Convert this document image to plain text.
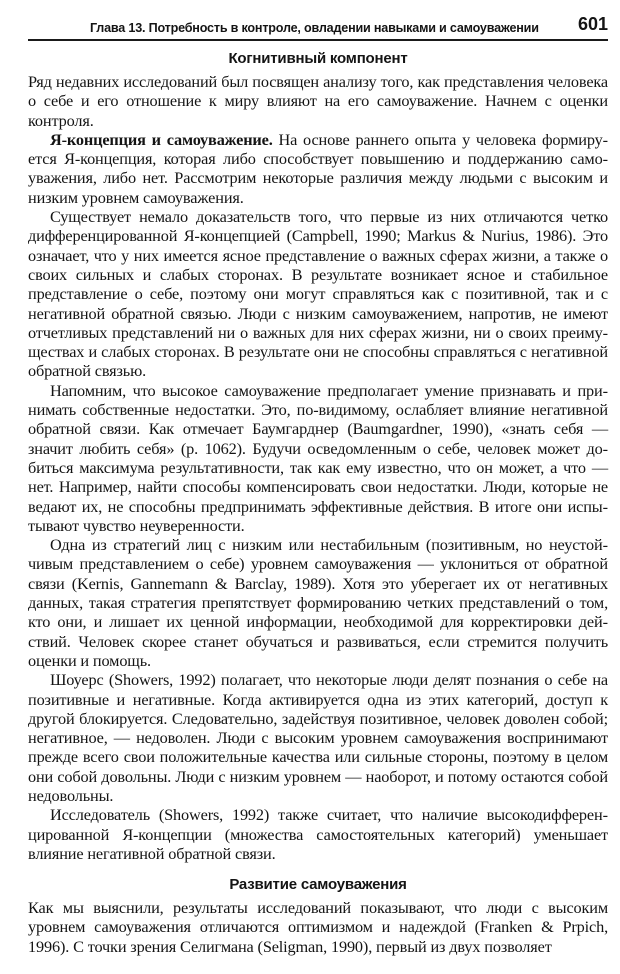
Глава 13. Потребность в контроле, овладении навыками и самоуважении 601
Когнитивный компонент

Ряд недавних исследований был посвящен анализу того, как представления человека о себе и его отношение к миру влияют на его самоуважение. Начнем с оценки контроля.

Я-концепция и самоуважение. На основе раннего опыта у человека формируется Я-концепция, которая либо способствует повышению и поддержанию самоуважения, либо нет. Рассмотрим некоторые различия между людьми с высоким и низким уровнем самоуважения.

Существует немало доказательств того, что первые из них отличаются четко дифференцированной Я-концепцией (Campbell, 1990; Markus & Nurius, 1986). Это означает, что у них имеется ясное представление о важных сферах жизни, а также о своих сильных и слабых сторонах. В результате возникает ясное и стабильное представление о себе, поэтому они могут справляться как с позитивной, так и с негативной обратной связью. Люди с низким самоуважением, напротив, не имеют отчетливых представлений ни о важных для них сферах жизни, ни о своих преимуществах и слабых сторонах. В результате они не способны справляться с негативной обратной связью.

Напомним, что высокое самоуважение предполагает умение признавать и принимать собственные недостатки. Это, по-видимому, ослабляет влияние негативной обратной связи. Как отмечает Баумгарднер (Baumgardner, 1990), «знать себя — значит любить себя» (p. 1062). Будучи осведомленным о себе, человек может добиться максимума результативности, так как ему известно, что он может, а что — нет. Например, найти способы компенсировать свои недостатки. Люди, которые не ведают их, не способны предпринимать эффективные действия. В итоге они испытывают чувство неуверенности.

Одна из стратегий лиц с низким или нестабильным (позитивным, но неустойчивым представлением о себе) уровнем самоуважения — уклониться от обратной связи (Kernis, Gannemann & Barclay, 1989). Хотя это уберегает их от негативных данных, такая стратегия препятствует формированию четких представлений о том, кто они, и лишает их ценной информации, необходимой для корректировки действий. Человек скорее станет обучаться и развиваться, если стремится получить оценки и помощь.

Шоуерс (Showers, 1992) полагает, что некоторые люди делят познания о себе на позитивные и негативные. Когда активируется одна из этих категорий, доступ к другой блокируется. Следовательно, задействуя позитивное, человек доволен собой; негативное, — недоволен. Люди с высоким уровнем самоуважения воспринимают прежде всего свои положительные качества или сильные стороны, поэтому в целом они собой довольны. Люди с низким уровнем — наоборот, и потому остаются собой недовольны.

Исследователь (Showers, 1992) также считает, что наличие высокодифференцированной Я-концепции (множества самостоятельных категорий) уменьшает влияние негативной обратной связи.

Развитие самоуважения

Как мы выяснили, результаты исследований показывают, что люди с высоким уровнем самоуважения отличаются оптимизмом и надеждой (Franken & Prpich, 1996). С точки зрения Селигмана (Seligman, 1990), первый из двух позволяет
